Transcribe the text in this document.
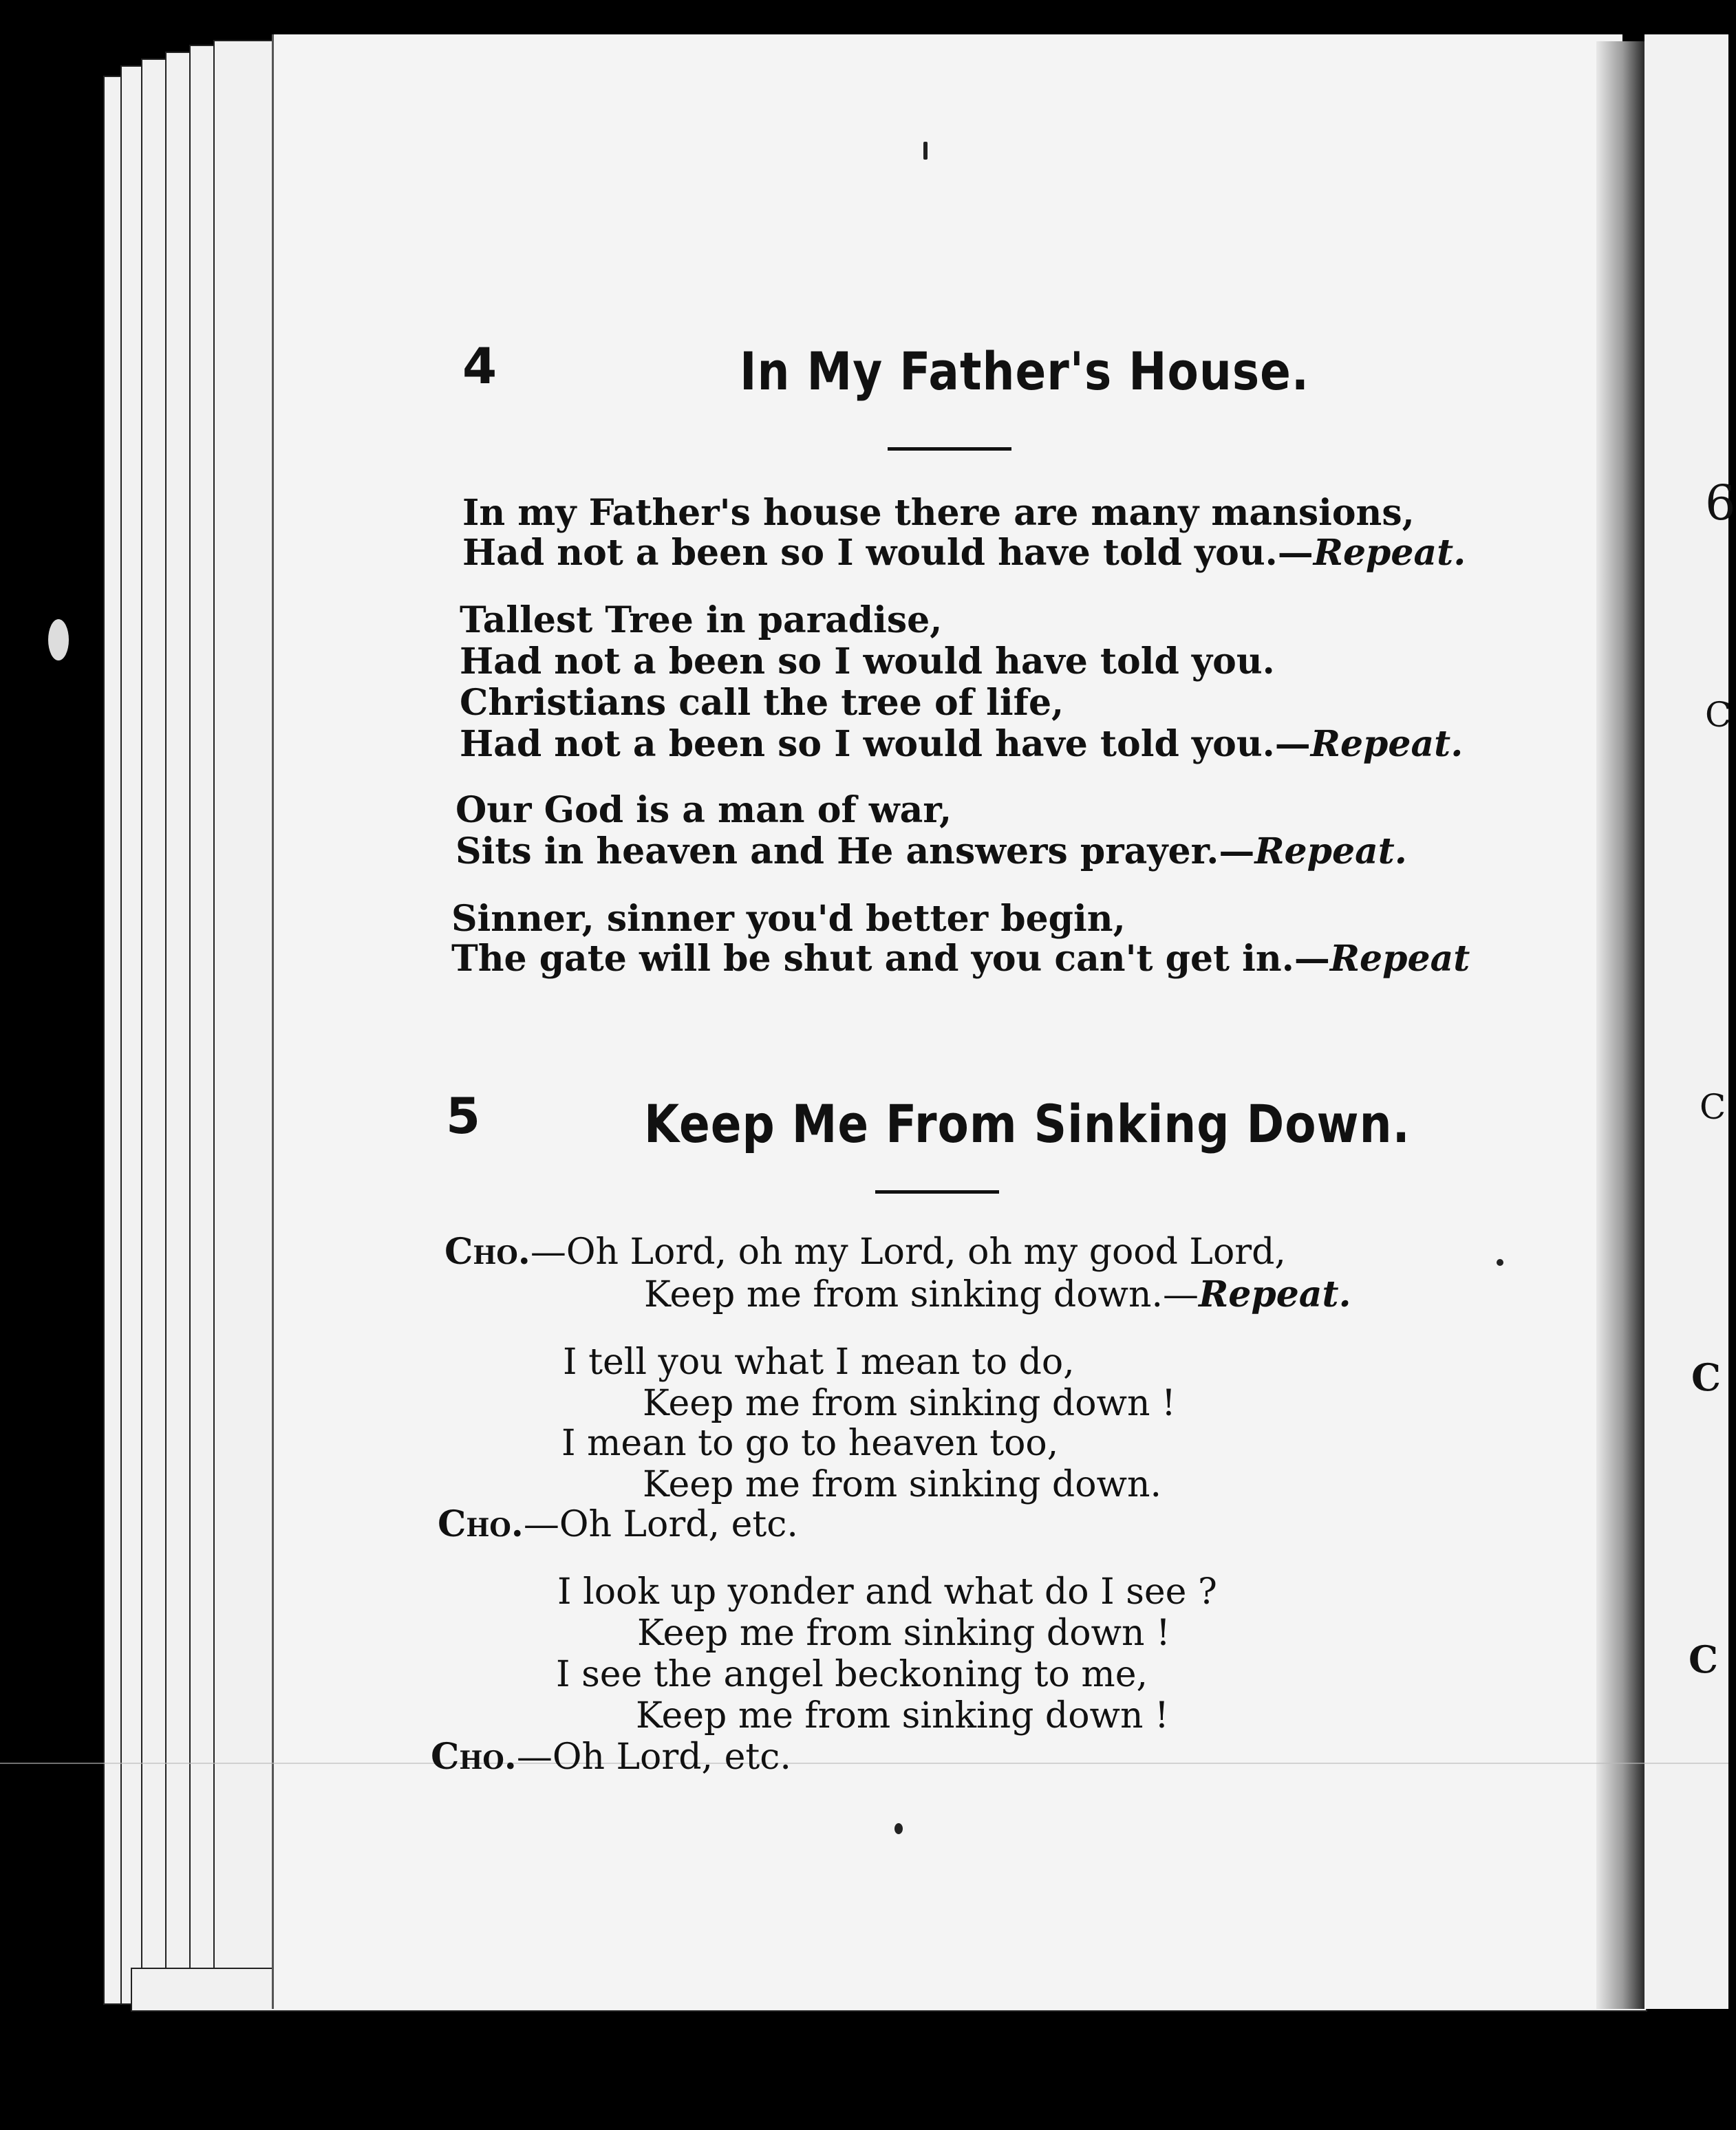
6
C
C
C
C
4	In My Father's House.
In my Father's house there are many mansions,
Had not a been so I would have told you.—Repeat.
Tallest Tree in paradise,
Had not a been so I would have told you.
Christians call the tree of life,
Had not a been so I would have told you.—Repeat.
Our God is a man of war,
Sits in heaven and He answers prayer.—Repeat.
Sinner, sinner you'd better begin,
The gate will be shut and you can't get in.—Repeat
5	Keep Me From Sinking Down.
Cho.—Oh Lord, oh my Lord, oh my good Lord,
Keep me from sinking down.—Repeat.
I tell you what I mean to do,
Keep me from sinking down !
I mean to go to heaven too,
Keep me from sinking down.
Cho.—Oh Lord, etc.
I look up yonder and what do I see ?
Keep me from sinking down !
I see the angel beckoning to me,
Keep me from sinking down !
Cho.—Oh Lord, etc.
